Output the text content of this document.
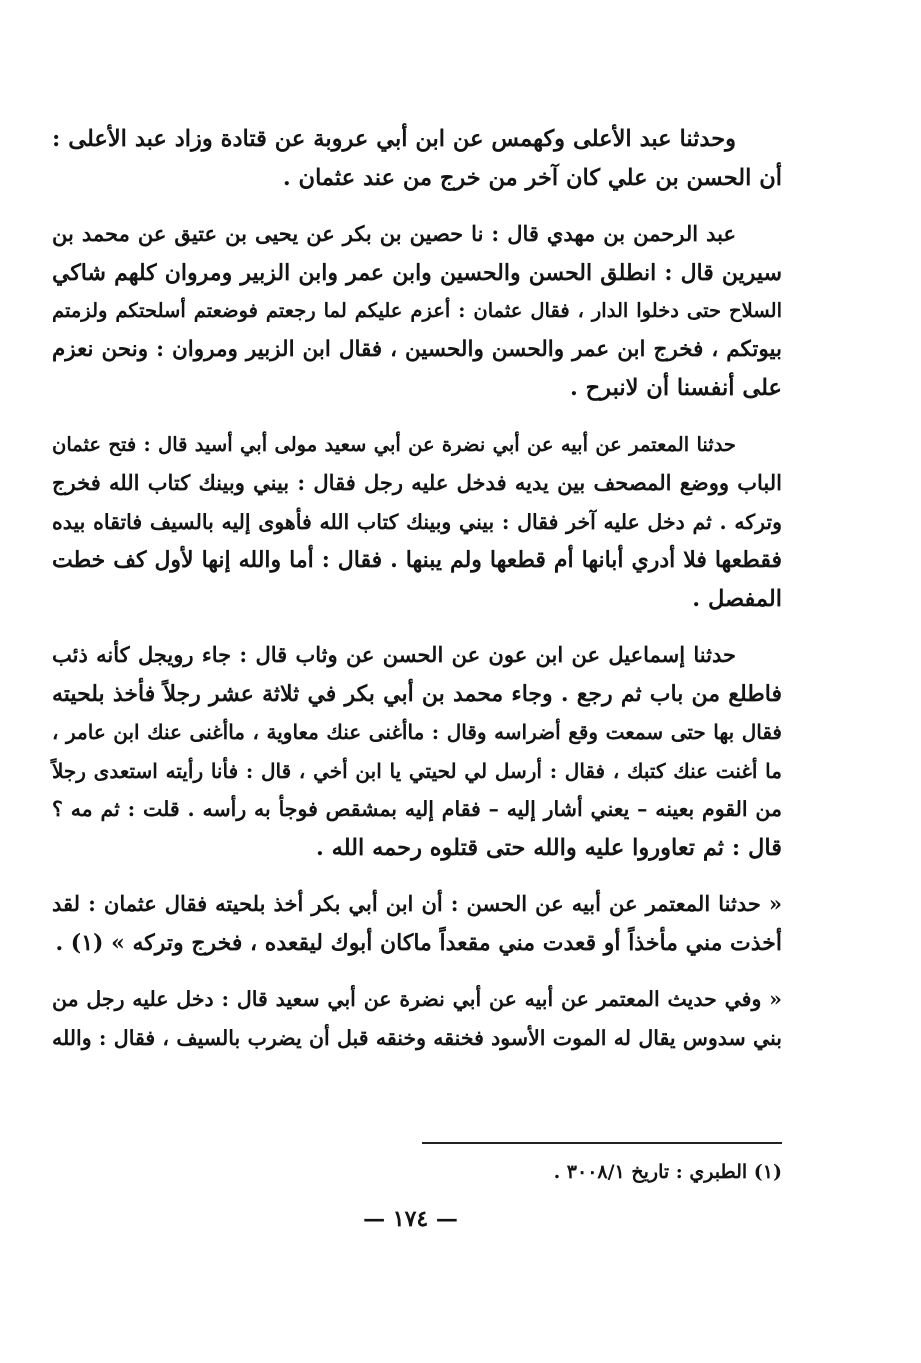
وحدثنا عبد الأعلى وكهمس عن ابن أبي عروبة عن قتادة وزاد عبد الأعلى :
أن الحسن بن علي كان آخر من خرج من عند عثمان .
عبد الرحمن بن مهدي قال : نا حصين بن بكر عن يحيى بن عتيق عن محمد بن
سيرين قال : انطلق الحسن والحسين وابن عمر وابن الزبير ومروان كلهم شاكي
السلاح حتى دخلوا الدار ، فقال عثمان : أعزم عليكم لما رجعتم فوضعتم أسلحتكم ولزمتم
بيوتكم ، فخرج ابن عمر والحسن والحسين ، فقال ابن الزبير ومروان : ونحن نعزم
على أنفسنا أن لانبرح .
حدثنا المعتمر عن أبيه عن أبي نضرة عن أبي سعيد مولى أبي أسيد قال : فتح عثمان
الباب ووضع المصحف بين يديه فدخل عليه رجل فقال : بيني وبينك كتاب الله فخرج
وتركه . ثم دخل عليه آخر فقال : بيني وبينك كتاب الله فأهوى إليه بالسيف فاتقاه بيده
فقطعها فلا أدري أبانها أم قطعها ولم يبنها . فقال : أما والله إنها لأول كف خطت
المفصل .
حدثنا إسماعيل عن ابن عون عن الحسن عن وثاب قال : جاء رويجل كأنه ذئب
فاطلع من باب ثم رجع . وجاء محمد بن أبي بكر في ثلاثة عشر رجلاً فأخذ بلحيته
فقال بها حتى سمعت وقع أضراسه وقال : ماأغنى عنك معاوية ، ماأغنى عنك ابن عامر ،
ما أغنت عنك كتبك ، فقال : أرسل لي لحيتي يا ابن أخي ، قال : فأنا رأيته استعدى رجلاً
من القوم بعينه – يعني أشار إليه – فقام إليه بمشقص فوجأ به رأسه . قلت : ثم مه ؟
قال : ثم تعاوروا عليه والله حتى قتلوه رحمه الله .
« حدثنا المعتمر عن أبيه عن الحسن : أن ابن أبي بكر أخذ بلحيته فقال عثمان : لقد
أخذت مني مأخذاً أو قعدت مني مقعداً ماكان أبوك ليقعده ، فخرج وتركه » (١) .
« وفي حديث المعتمر عن أبيه عن أبي نضرة عن أبي سعيد قال : دخل عليه رجل من
بني سدوس يقال له الموت الأسود فخنقه وخنقه قبل أن يضرب بالسيف ، فقال : والله
(١) الطبري : تاريخ ٣٠٠٨/١ .
— ١٧٤ —
